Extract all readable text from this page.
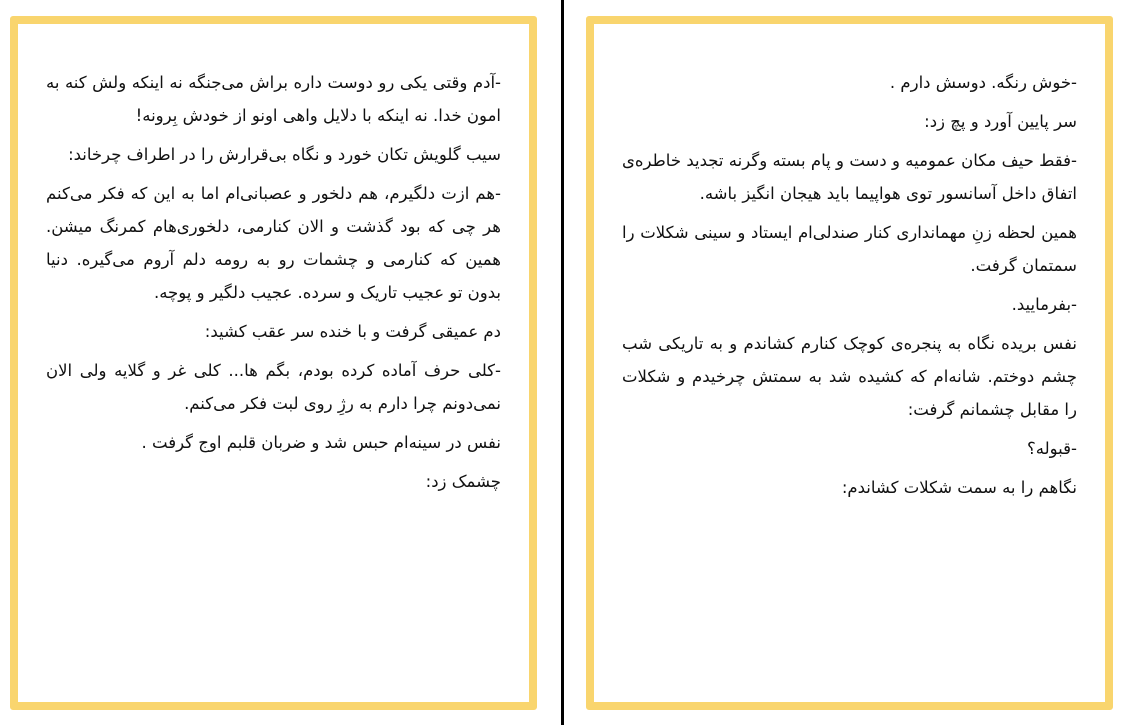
-آدم وقتی یکی رو دوست داره براش می‌جنگه نه اینکه ولش کنه به امون خدا. نه اینکه با دلایل واهی اونو از خودش بِرونه!

سیب گلویش تکان خورد و نگاه بی‌قرارش را در اطراف چرخاند:

-هم ازت دلگیرم، هم دلخور و عصبانی‌ام اما به این که فکر می‌کنم هر چی که بود گذشت و الان کنارمی، دلخوری‌هام کمرنگ میشن. همین که کنارمی و چشمات رو به رومه دلم آروم می‌گیره. دنیا بدون تو عجیب تاریک و سرده. عجیب دلگیر و پوچه.

دم عمیقی گرفت و با خنده سر عقب کشید:

-کلی حرف آماده کرده بودم، بگم ها... کلی غر و گلایه ولی الان نمی‌دونم چرا دارم به رژِ روی لبت فکر می‌کنم.

نفس در سینه‌ام حبس شد و ضربان قلبم اوج گرفت .

چشمک زد:

-خوش رنگه. دوسش دارم .

سر پایین آورد و پچ زد:

-فقط حیف مکان عمومیه و دست و پام بسته وگرنه تجدید خاطره‌ی اتفاق داخل آسانسور توی هواپیما باید هیجان انگیز باشه.

همین لحظه زنِ مهمانداری کنار صندلی‌ام ایستاد و سینی شکلات را سمتمان گرفت.

-بفرمایید.

نفس بریده نگاه به پنجره‌ی کوچک کنارم کشاندم و به تاریکی شب چشم دوختم. شانه‌ام که کشیده شد به سمتش چرخیدم و شکلات را مقابل چشمانم گرفت:

-قبوله؟

نگاهم را به سمت شکلات کشاندم:
